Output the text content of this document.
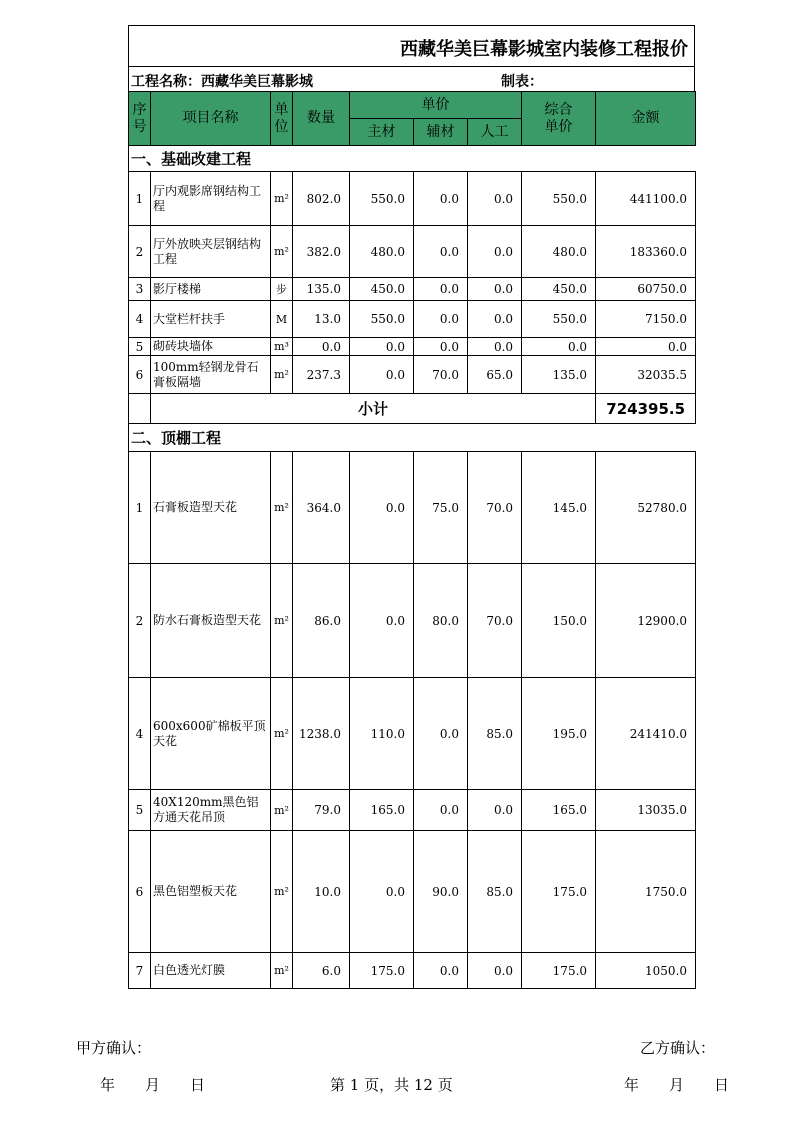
西藏华美巨幕影城室内装修工程报价
工程名称：西藏华美巨幕影城	制表：
序号	项目名称	单位	数量	单价			综合单价	金额
				主材	辅材	人工		
一、基础改建工程								
1	厅内观影席钢结构工程	m²	802.0	550.0	0.0	0.0	550.0	441100.0
2	厅外放映夹层钢结构工程	m²	382.0	480.0	0.0	0.0	480.0	183360.0
3	影厅楼梯	步	135.0	450.0	0.0	0.0	450.0	60750.0
4	大堂栏杆扶手	M	13.0	550.0	0.0	0.0	550.0	7150.0
5	砌砖块墙体	m³	0.0	0.0	0.0	0.0	0.0	0.0
6	100mm轻钢龙骨石膏板隔墙	m²	237.3	0.0	70.0	65.0	135.0	32035.5
	小计							724395.5
二、顶棚工程								
1	石膏板造型天花	m²	364.0	0.0	75.0	70.0	145.0	52780.0
2	防水石膏板造型天花	m²	86.0	0.0	80.0	70.0	150.0	12900.0
4	600x600矿棉板平顶天花	m²	1238.0	110.0	0.0	85.0	195.0	241410.0
5	40X120mm黑色铝方通天花吊顶	m²	79.0	165.0	0.0	0.0	165.0	13035.0
6	黑色铝塑板天花	m²	10.0	0.0	90.0	85.0	175.0	1750.0
7	白色透光灯膜	m²	6.0	175.0	0.0	0.0	175.0	1050.0
甲方确认：	乙方确认：
年　　月　　日	第 1 页，共 12 页	年　　月　　日
